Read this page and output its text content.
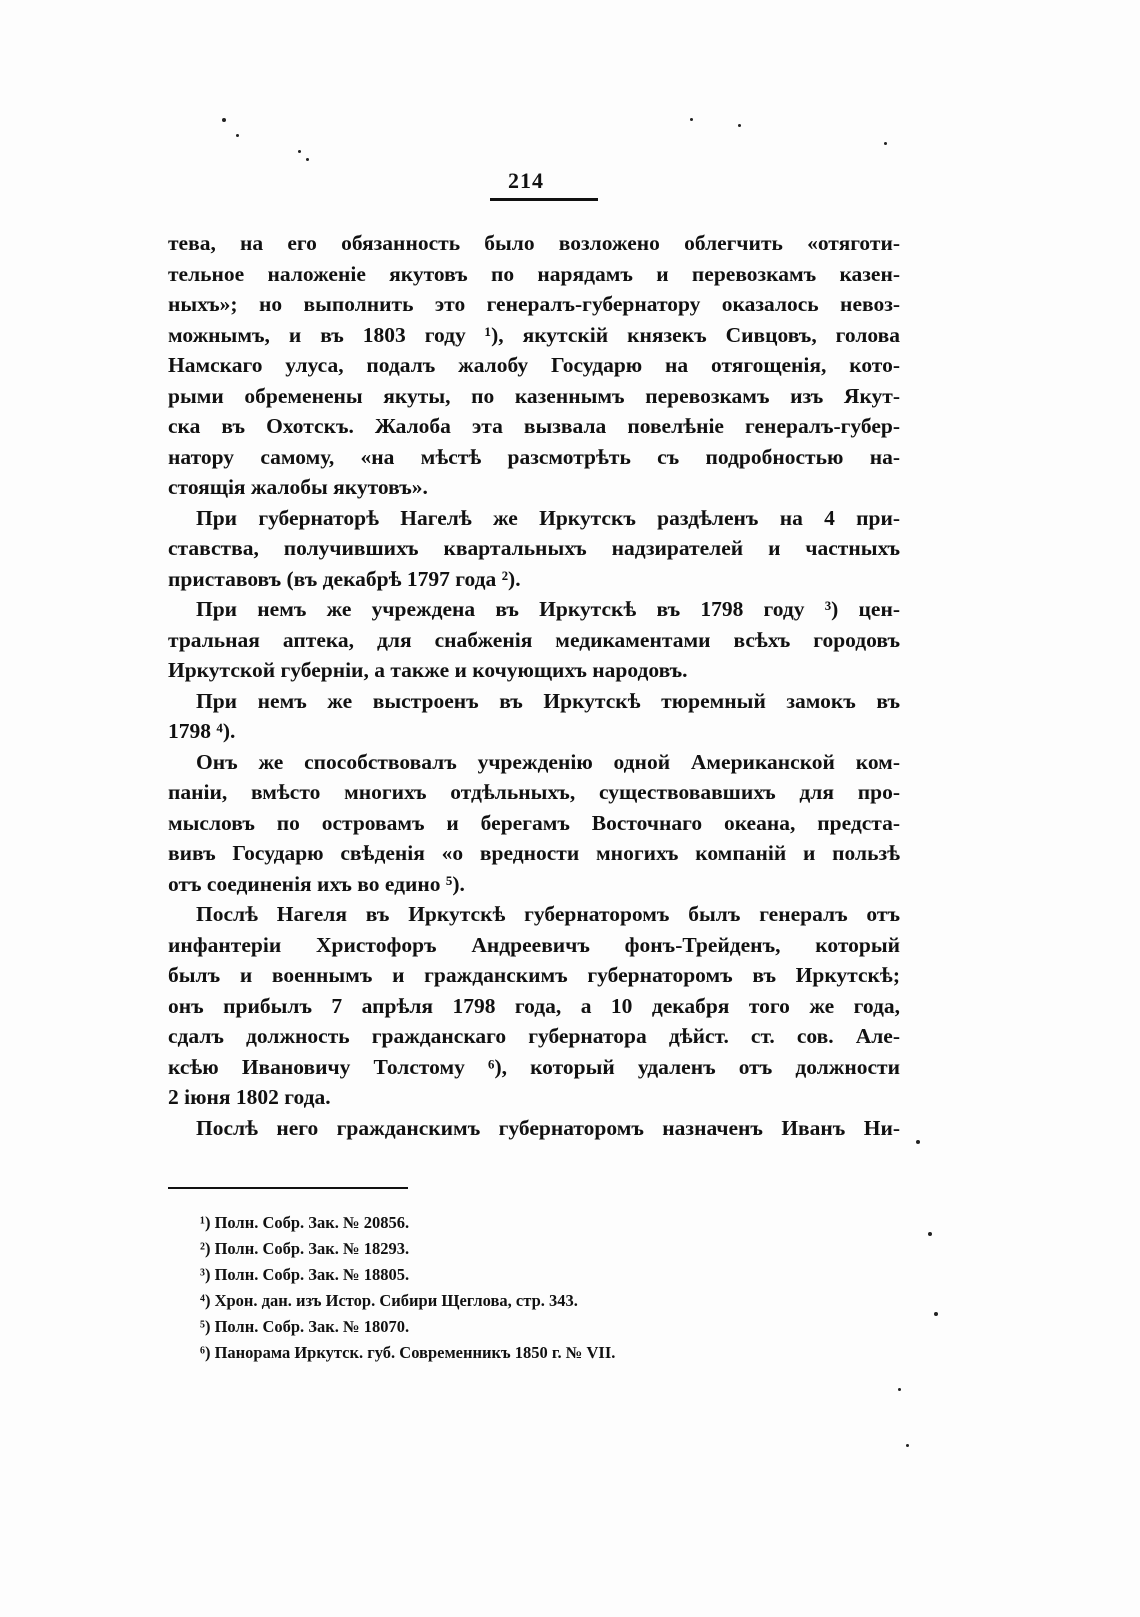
214

тева, на его обязанность было возложено облегчить «отяготи-
тельное наложеніе якутовъ по нарядамъ и перевозкамъ казен-
ныхъ»; но выполнить это генералъ-губернатору оказалось невоз-
можнымъ, и въ 1803 году ¹), якутскій князекъ Сивцовъ, голова
Намскаго улуса, подалъ жалобу Государю на отягощенія, кото-
рыми обременены якуты, по казеннымъ перевозкамъ изъ Якут-
ска въ Охотскъ. Жалоба эта вызвала повелѣніе генералъ-губер-
натору самому, «на мѣстѣ разсмотрѣть съ подробностью на-
стоящія жалобы якутовъ».

При губернаторѣ Нагелѣ же Иркутскъ раздѣленъ на 4 при-
ставства, получившихъ квартальныхъ надзирателей и частныхъ
приставовъ (въ декабрѣ 1797 года ²).

При немъ же учреждена въ Иркутскѣ въ 1798 году ³) цен-
тральная аптека, для снабженія медикаментами всѣхъ городовъ
Иркутской губерніи, а также и кочующихъ народовъ.

При немъ же выстроенъ въ Иркутскѣ тюремный замокъ въ
1798 ⁴).

Онъ же способствовалъ учрежденію одной Американской ком-
паніи, вмѣсто многихъ отдѣльныхъ, существовавшихъ для про-
мысловъ по островамъ и берегамъ Восточнаго океана, предста-
вивъ Государю свѣденія «о вредности многихъ компаній и пользѣ
отъ соединенія ихъ во едино ⁵).

Послѣ Нагеля въ Иркутскѣ губернаторомъ былъ генералъ отъ
инфантеріи Христофоръ Андреевичъ фонъ-Трейденъ, который
былъ и военнымъ и гражданскимъ губернаторомъ въ Иркутскѣ;
онъ прибылъ 7 апрѣля 1798 года, а 10 декабря того же года,
сдалъ должность гражданскаго губернатора дѣйст. ст. сов. Але-
ксѣю Ивановичу Толстому ⁶), который удаленъ отъ должности
2 іюня 1802 года.

Послѣ него гражданскимъ губернаторомъ назначенъ Иванъ Ни-

¹) Полн. Собр. Зак. № 20856.
²) Полн. Собр. Зак. № 18293.
³) Полн. Собр. Зак. № 18805.
⁴) Хрон. дан. изъ Истор. Сибири Щеглова, стр. 343.
⁵) Полн. Собр. Зак. № 18070.
⁶) Панорама Иркутск. губ. Современникъ 1850 г. № VII.
